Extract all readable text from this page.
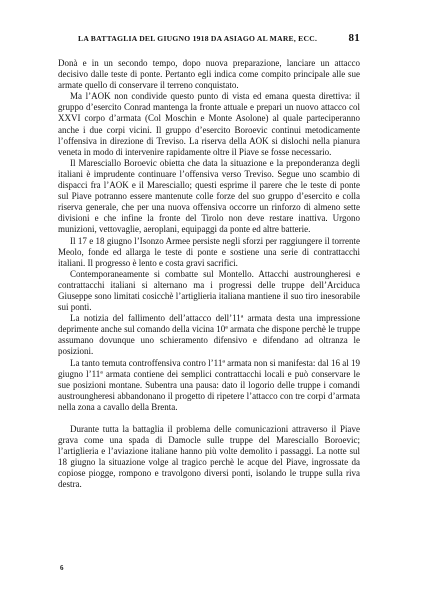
LA BATTAGLIA DEL GIUGNO 1918 DA ASIAGO AL MARE, ECC.	81

Donà e in un secondo tempo, dopo nuova preparazione, lanciare un attacco decisivo dalle teste di ponte. Pertanto egli indica come compito principale alle sue armate quello di conservare il terreno conquistato.

Ma l’AOK non condivide questo punto di vista ed emana questa direttiva: il gruppo d’esercito Conrad mantenga la fronte attuale e prepari un nuovo attacco col XXVI corpo d’armata (Col Moschin e Monte Asolone) al quale parteciperanno anche i due corpi vicini. Il gruppo d’esercito Boroevic continui metodicamente l’offensiva in direzione di Treviso. La riserva della AOK si dislochi nella pianura veneta in modo di intervenire rapidamente oltre il Piave se fosse necessario.

Il Maresciallo Boroevic obietta che data la situazione e la preponderanza degli italiani è imprudente continuare l’offensiva verso Treviso. Segue uno scambio di dispacci fra l’AOK e il Maresciallo; questi esprime il parere che le teste di ponte sul Piave potranno essere mantenute colle forze del suo gruppo d’esercito e colla riserva generale, che per una nuova offensiva occorre un rinforzo di almeno sette divisioni e che infine la fronte del Tirolo non deve restare inattiva. Urgono munizioni, vettovaglie, aeroplani, equipaggi da ponte ed altre batterie.

Il 17 e 18 giugno l’Isonzo Armee persiste negli sforzi per raggiungere il torrente Meolo, fonde ed allarga le teste di ponte e sostiene una serie di contrattacchi italiani. Il progresso è lento e costa gravi sacrifici.

Contemporaneamente si combatte sul Montello. Attacchi austroungheresi e contrattacchi italiani si alternano ma i progressi delle truppe dell’Arciduca Giuseppe sono limitati cosicchè l’artiglieria italiana mantiene il suo tiro inesorabile sui ponti.

La notizia del fallimento dell’attacco dell’11ª armata desta una impressione deprimente anche sul comando della vicina 10ª armata che dispone perchè le truppe assumano dovunque uno schieramento difensivo e difendano ad oltranza le posizioni.

La tanto temuta controffensiva contro l’11ª armata non si manifesta: dal 16 al 19 giugno l’11ª armata contiene dei semplici contrattacchi locali e può conservare le sue posizioni montane. Subentra una pausa: dato il logorio delle truppe i comandi austroungheresi abbandonano il progetto di ripetere l’attacco con tre corpi d’armata nella zona a cavallo della Brenta.

Durante tutta la battaglia il problema delle comunicazioni attraverso il Piave grava come una spada di Damocle sulle truppe del Maresciallo Boroevic; l’artiglieria e l’aviazione italiane hanno più volte demolito i passaggi. La notte sul 18 giugno la situazione volge al tragico perchè le acque del Piave, ingrossate da copiose piogge, rompono e travolgono diversi ponti, isolando le truppe sulla riva destra.

6
